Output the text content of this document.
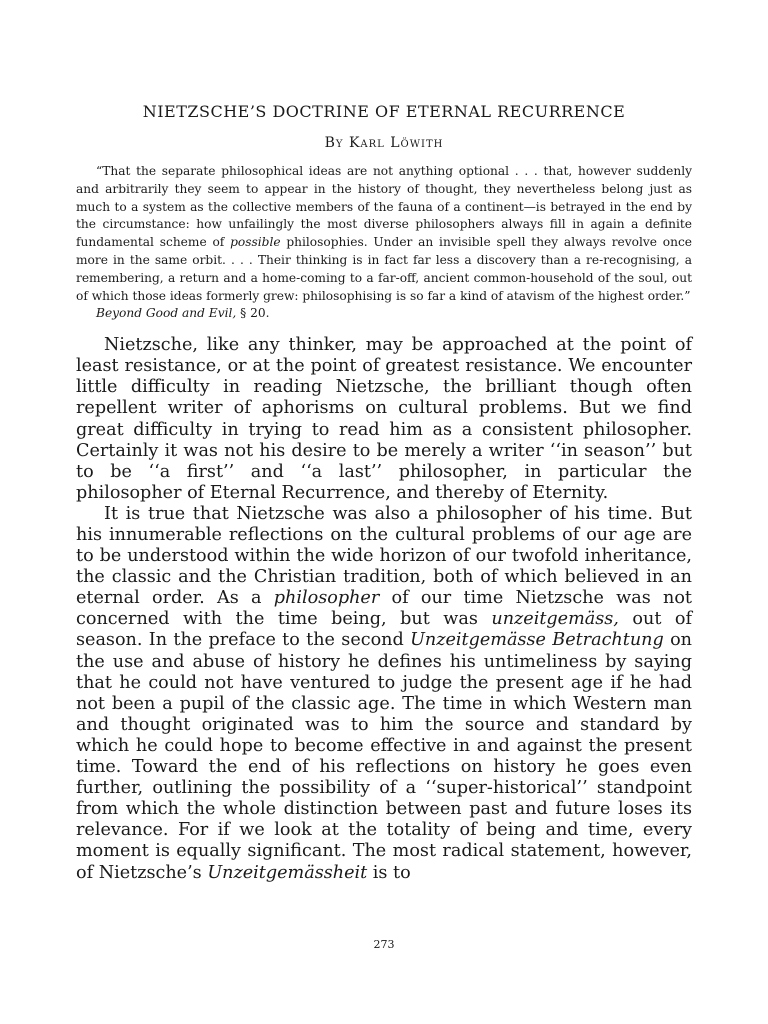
NIETZSCHE’S DOCTRINE OF ETERNAL RECURRENCE
By Karl Löwith

“That the separate philosophical ideas are not anything optional . . . that, however suddenly and arbitrarily they seem to appear in the history of thought, they nevertheless belong just as much to a system as the collective members of the fauna of a continent—is betrayed in the end by the circumstance: how unfailingly the most diverse philosophers always fill in again a definite fundamental scheme of possible philosophies. Under an invisible spell they always revolve once more in the same orbit. . . . Their thinking is in fact far less a discovery than a re-recognising, a remembering, a return and a home-coming to a far-off, ancient common-household of the soul, out of which those ideas formerly grew: philosophising is so far a kind of atavism of the highest order.”

Beyond Good and Evil, § 20.

Nietzsche, like any thinker, may be approached at the point of least resistance, or at the point of greatest resistance. We encounter little difficulty in reading Nietzsche, the brilliant though often repellent writer of aphorisms on cultural problems. But we find great difficulty in trying to read him as a consistent philosopher. Certainly it was not his desire to be merely a writer ‘‘in season’’ but to be ‘‘a first’’ and ‘‘a last’’ philosopher, in particular the philosopher of Eternal Recurrence, and thereby of Eternity.

It is true that Nietzsche was also a philosopher of his time. But his innumerable reflections on the cultural problems of our age are to be understood within the wide horizon of our twofold inheritance, the classic and the Christian tradition, both of which believed in an eternal order. As a philosopher of our time Nietzsche was not concerned with the time being, but was unzeitgemäss, out of season. In the preface to the second Unzeitgemässe Betrachtung on the use and abuse of history he defines his untimeliness by saying that he could not have ventured to judge the present age if he had not been a pupil of the classic age. The time in which Western man and thought originated was to him the source and standard by which he could hope to become effective in and against the present time. Toward the end of his reflections on history he goes even further, outlining the possibility of a ‘‘super-historical’’ standpoint from which the whole distinction between past and future loses its relevance. For if we look at the totality of being and time, every moment is equally significant. The most radical statement, however, of Nietzsche’s Unzeitgemässheit is to

273
